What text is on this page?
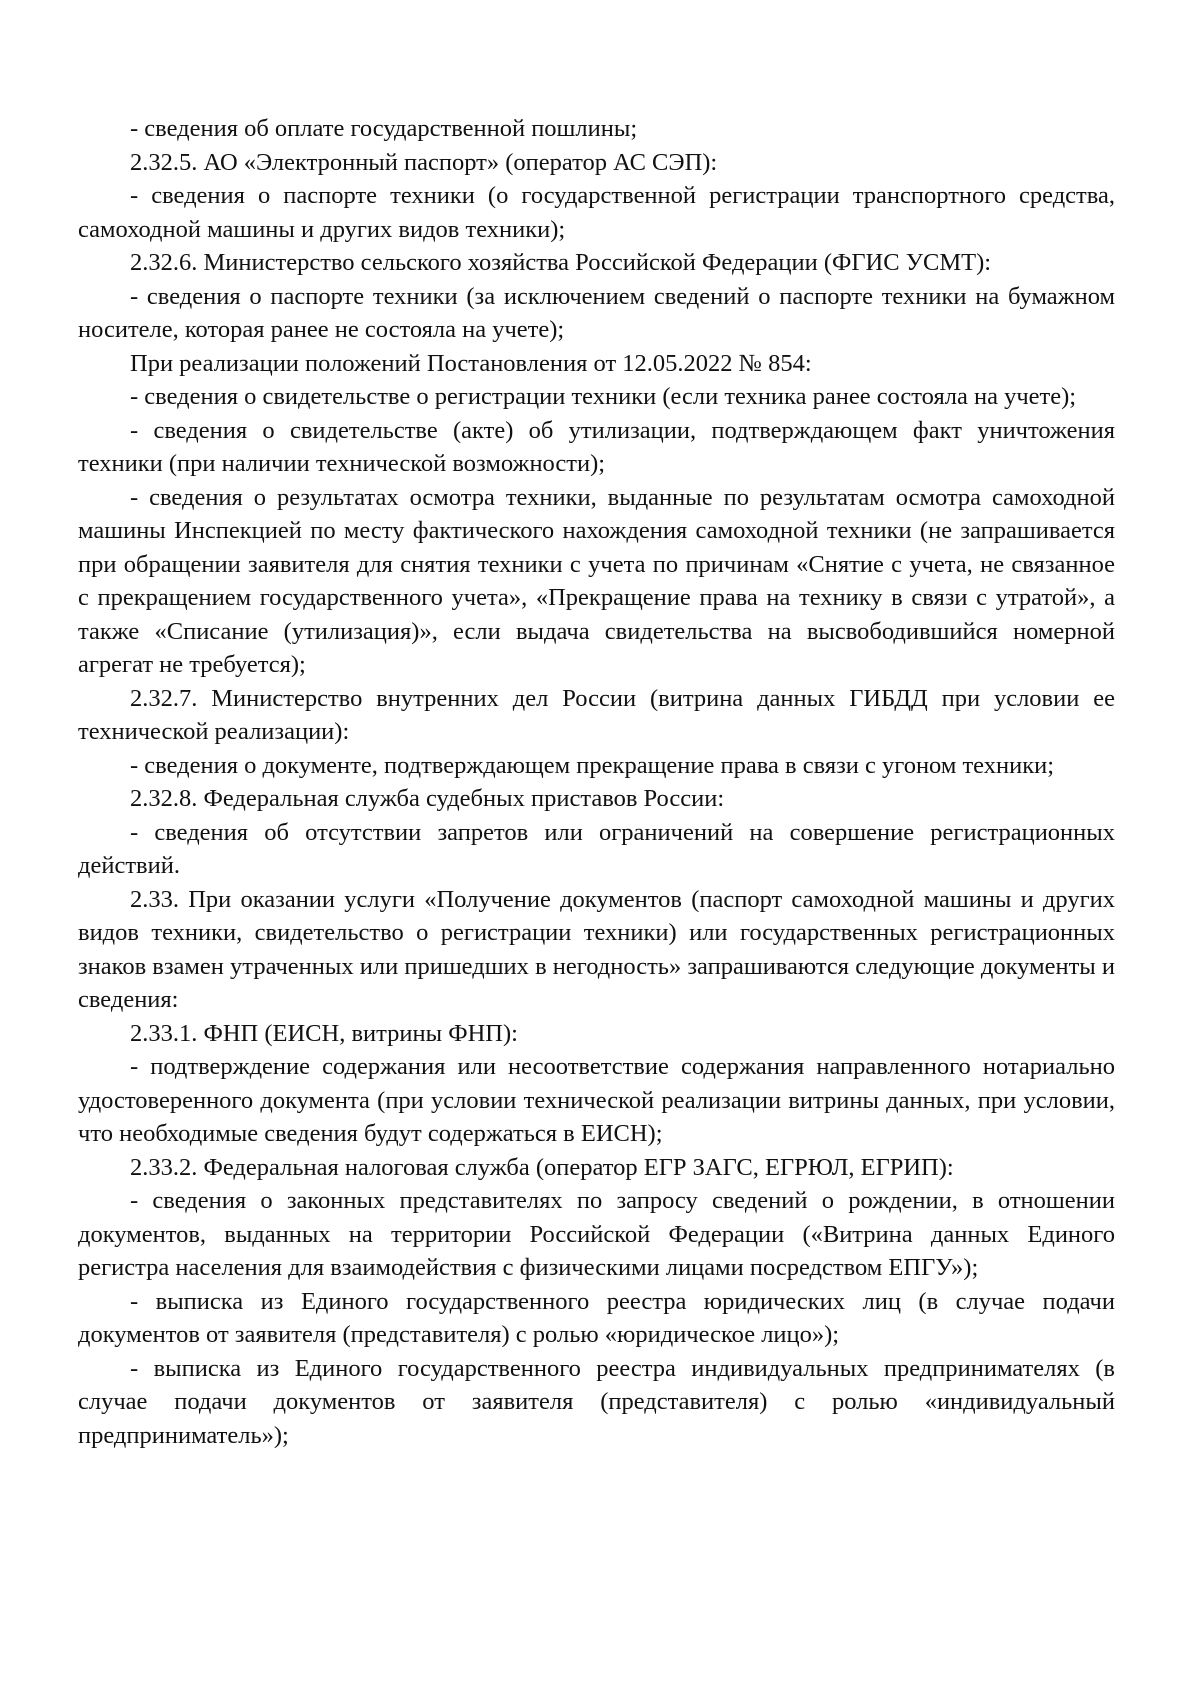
- сведения об оплате государственной пошлины;

2.32.5. АО «Электронный паспорт» (оператор АС СЭП):

- сведения о паспорте техники (о государственной регистрации транспортного средства, самоходной машины и других видов техники);

2.32.6. Министерство сельского хозяйства Российской Федерации (ФГИС УСМТ):

- сведения о паспорте техники (за исключением сведений о паспорте техники на бумажном носителе, которая ранее не состояла на учете);

При реализации положений Постановления от 12.05.2022 № 854:

- сведения о свидетельстве о регистрации техники (если техника ранее состояла на учете);

- сведения о свидетельстве (акте) об утилизации, подтверждающем факт уничтожения техники (при наличии технической возможности);

- сведения о результатах осмотра техники, выданные по результатам осмотра самоходной машины Инспекцией по месту фактического нахождения самоходной техники (не запрашивается при обращении заявителя для снятия техники с учета по причинам «Снятие с учета, не связанное с прекращением государственного учета», «Прекращение права на технику в связи с утратой», а также «Списание (утилизация)», если выдача свидетельства на высвободившийся номерной агрегат не требуется);

2.32.7. Министерство внутренних дел России (витрина данных ГИБДД при условии ее технической реализации):

- сведения о документе, подтверждающем прекращение права в связи с угоном техники;

2.32.8. Федеральная служба судебных приставов России:

- сведения об отсутствии запретов или ограничений на совершение регистрационных действий.

2.33. При оказании услуги «Получение документов (паспорт самоходной машины и других видов техники, свидетельство о регистрации техники) или государственных регистрационных знаков взамен утраченных или пришедших в негодность» запрашиваются следующие документы и сведения:

2.33.1. ФНП (ЕИСН, витрины ФНП):

- подтверждение содержания или несоответствие содержания направленного нотариально удостоверенного документа (при условии технической реализации витрины данных, при условии, что необходимые сведения будут содержаться в ЕИСН);

2.33.2. Федеральная налоговая служба (оператор ЕГР ЗАГС, ЕГРЮЛ, ЕГРИП):

- сведения о законных представителях по запросу сведений о рождении, в отношении документов, выданных на территории Российской Федерации («Витрина данных Единого регистра населения для взаимодействия с физическими лицами посредством ЕПГУ»);

- выписка из Единого государственного реестра юридических лиц (в случае подачи документов от заявителя (представителя) с ролью «юридическое лицо»);

- выписка из Единого государственного реестра индивидуальных предпринимателях (в случае подачи документов от заявителя (представителя) с ролью «индивидуальный предприниматель»);
